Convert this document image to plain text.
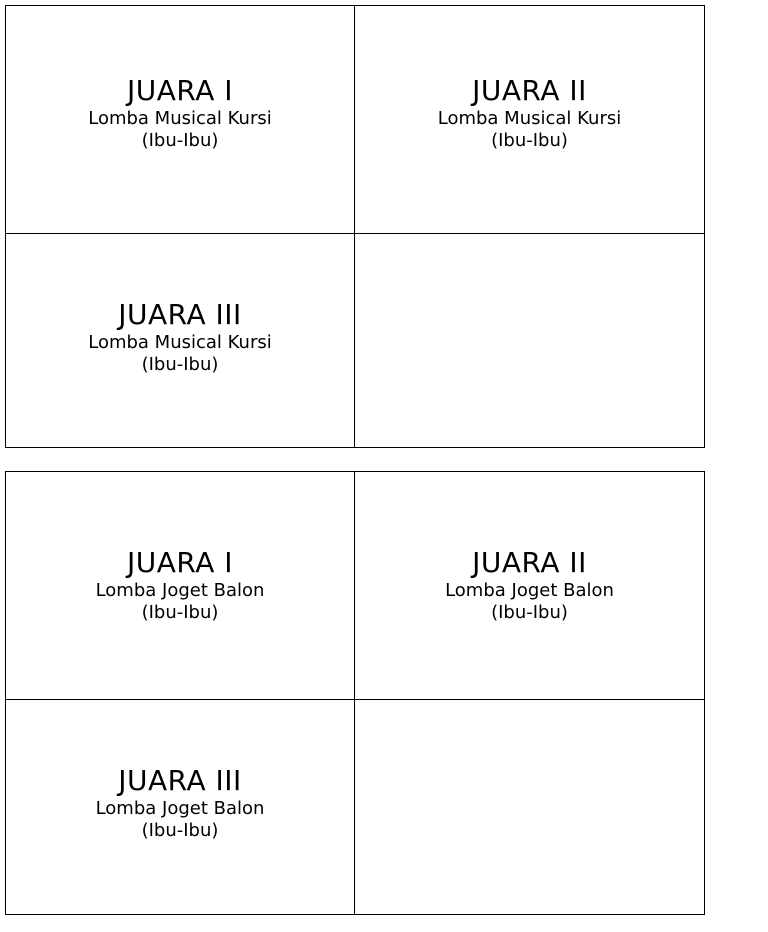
JUARA I
Lomba Musical Kursi
(Ibu-Ibu)
JUARA II
Lomba Musical Kursi
(Ibu-Ibu)
JUARA III
Lomba Musical Kursi
(Ibu-Ibu)
JUARA I
Lomba Joget Balon
(Ibu-Ibu)
JUARA II
Lomba Joget Balon
(Ibu-Ibu)
JUARA III
Lomba Joget Balon
(Ibu-Ibu)
